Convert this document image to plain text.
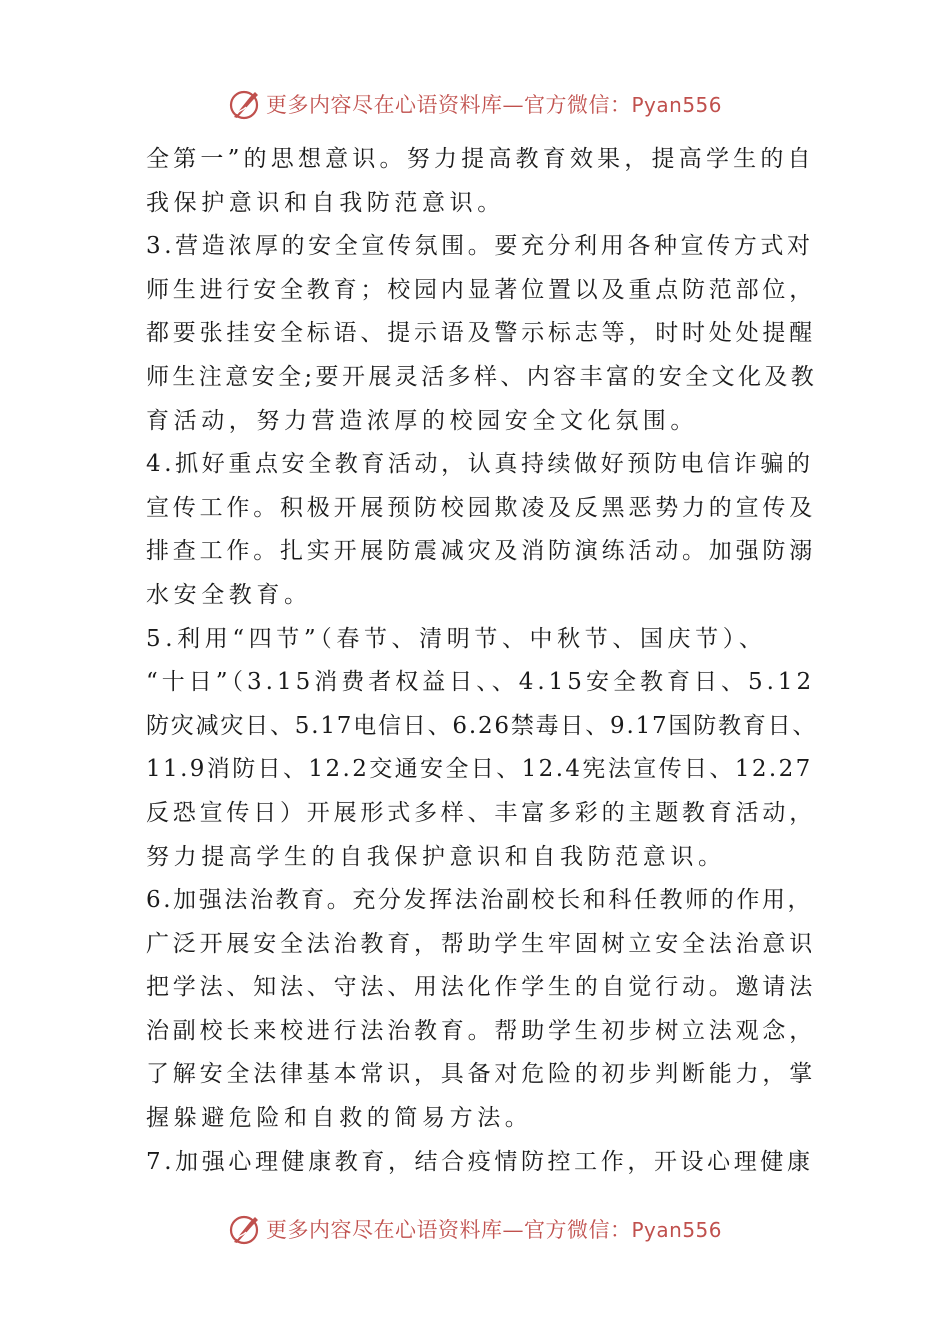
更多内容尽在心语资料库—官方微信：Pyan556
全第一”的思想意识。努力提高教育效果，提高学生的自
我保护意识和自我防范意识。
3.营造浓厚的安全宣传氛围。要充分利用各种宣传方式对
师生进行安全教育；校园内显著位置以及重点防范部位，
都要张挂安全标语、提示语及警示标志等，时时处处提醒
师生注意安全;要开展灵活多样、内容丰富的安全文化及教
育活动，努力营造浓厚的校园安全文化氛围。
4.抓好重点安全教育活动，认真持续做好预防电信诈骗的
宣传工作。积极开展预防校园欺凌及反黑恶势力的宣传及
排查工作。扎实开展防震减灾及消防演练活动。加强防溺
水安全教育。
5.利用“四节”（春节、清明节、中秋节、国庆节）、
“十日”（3.15消费者权益日、、4.15安全教育日、5.12
防灾减灾日、5.17电信日、6.26禁毒日、9.17国防教育日、
11.9消防日、12.2交通安全日、12.4宪法宣传日、12.27
反恐宣传日）开展形式多样、丰富多彩的主题教育活动，
努力提高学生的自我保护意识和自我防范意识。
6.加强法治教育。充分发挥法治副校长和科任教师的作用，
广泛开展安全法治教育，帮助学生牢固树立安全法治意识
把学法、知法、守法、用法化作学生的自觉行动。邀请法
治副校长来校进行法治教育。帮助学生初步树立法观念，
了解安全法律基本常识，具备对危险的初步判断能力，掌
握躲避危险和自救的简易方法。
7.加强心理健康教育，结合疫情防控工作，开设心理健康
更多内容尽在心语资料库—官方微信：Pyan556
